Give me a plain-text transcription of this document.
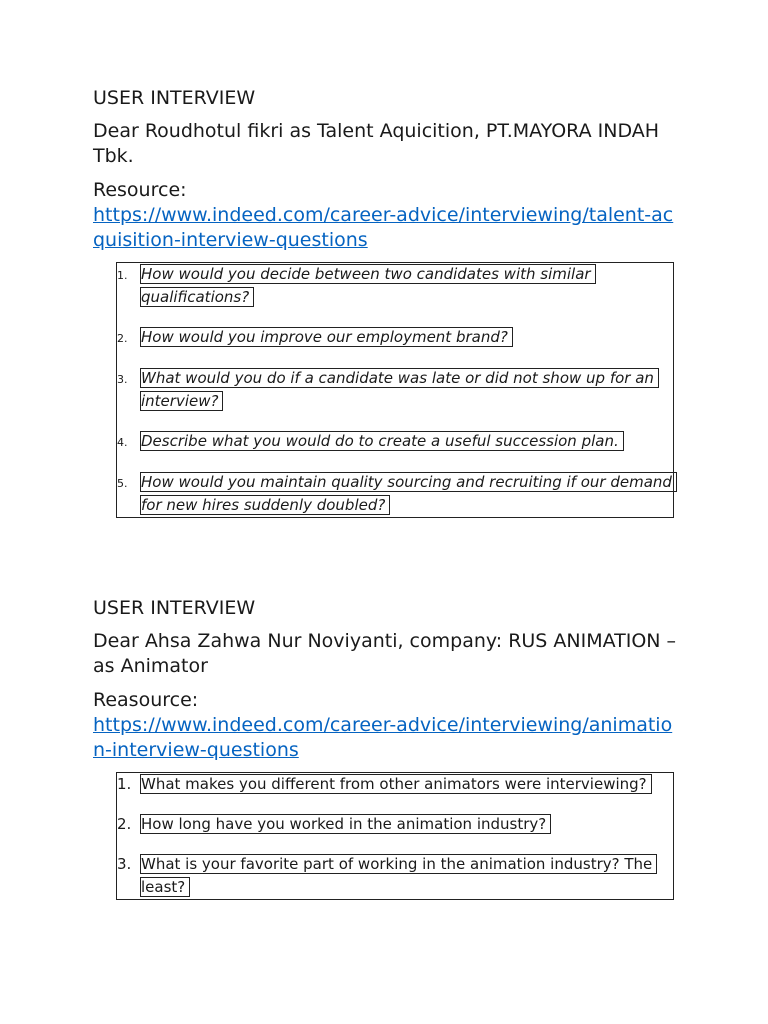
USER INTERVIEW
Dear Roudhotul fikri as Talent Aquicition, PT.MAYORA INDAH Tbk.
Resource:
https://www.indeed.com/career-advice/interviewing/talent-acquisition-interview-questions
1. How would you decide between two candidates with similar qualifications?
2. How would you improve our employment brand?
3. What would you do if a candidate was late or did not show up for an interview?
4. Describe what you would do to create a useful succession plan.
5. How would you maintain quality sourcing and recruiting if our demand for new hires suddenly doubled?
USER INTERVIEW
Dear Ahsa Zahwa Nur Noviyanti, company: RUS ANIMATION – as Animator
Reasource:
https://www.indeed.com/career-advice/interviewing/animation-interview-questions
1. What makes you different from other animators were interviewing?
2. How long have you worked in the animation industry?
3. What is your favorite part of working in the animation industry? The least?
